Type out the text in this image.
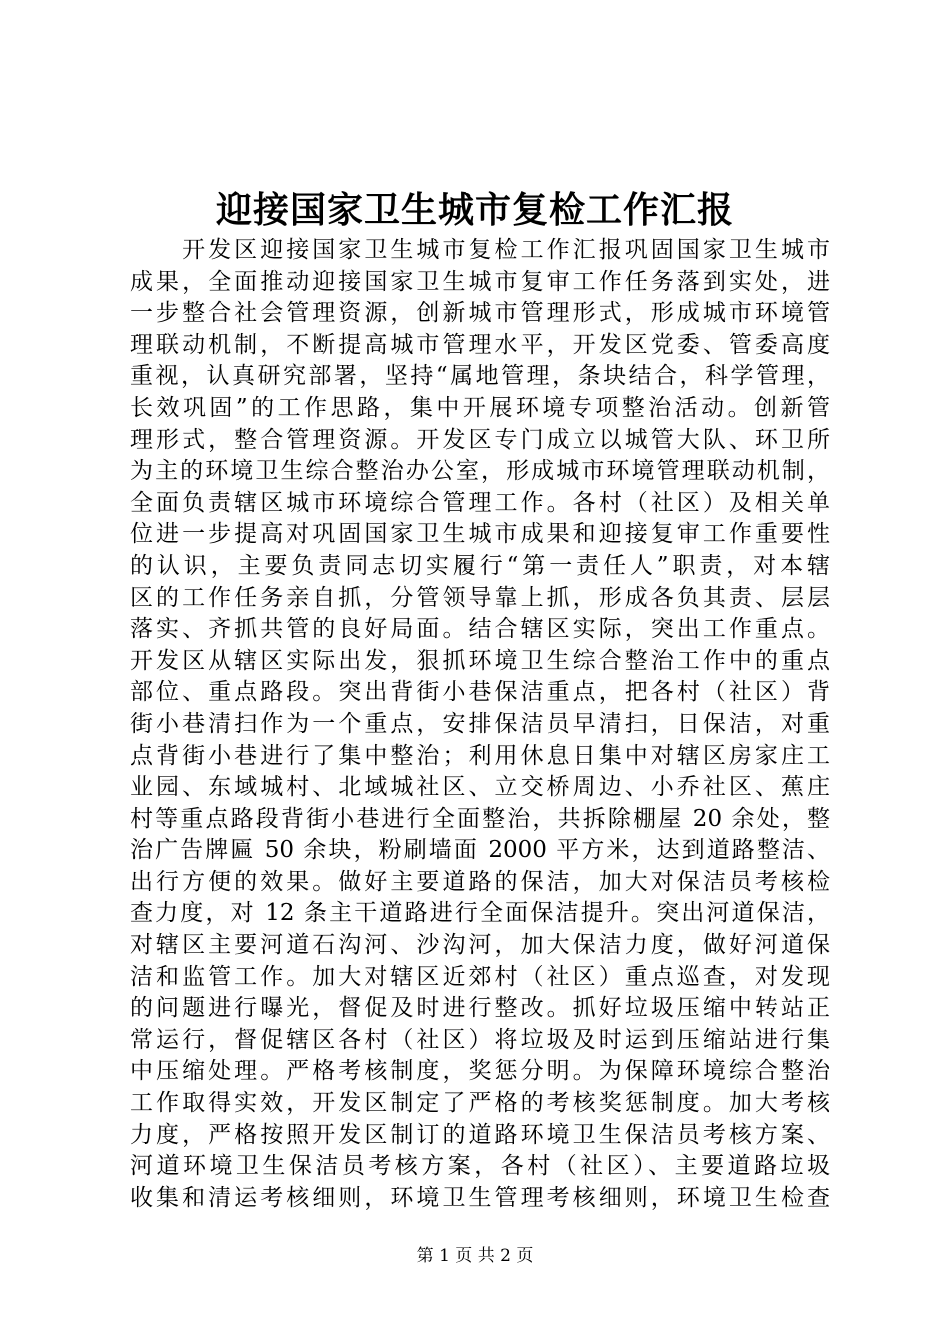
迎接国家卫生城市复检工作汇报
　　开发区迎接国家卫生城市复检工作汇报巩固国家卫生城市
成果，全面推动迎接国家卫生城市复审工作任务落到实处，进
一步整合社会管理资源，创新城市管理形式，形成城市环境管
理联动机制，不断提高城市管理水平，开发区党委、管委高度
重视，认真研究部署，坚持“属地管理，条块结合，科学管理，
长效巩固”的工作思路，集中开展环境专项整治活动。创新管
理形式，整合管理资源。开发区专门成立以城管大队、环卫所
为主的环境卫生综合整治办公室，形成城市环境管理联动机制，
全面负责辖区城市环境综合管理工作。各村（社区）及相关单
位进一步提高对巩固国家卫生城市成果和迎接复审工作重要性
的认识，主要负责同志切实履行“第一责任人”职责，对本辖
区的工作任务亲自抓，分管领导靠上抓，形成各负其责、层层
落实、齐抓共管的良好局面。结合辖区实际，突出工作重点。
开发区从辖区实际出发，狠抓环境卫生综合整治工作中的重点
部位、重点路段。突出背街小巷保洁重点，把各村（社区）背
街小巷清扫作为一个重点，安排保洁员早清扫，日保洁，对重
点背街小巷进行了集中整治；利用休息日集中对辖区房家庄工
业园、东域城村、北域城社区、立交桥周边、小乔社区、蕉庄
村等重点路段背街小巷进行全面整治，共拆除棚屋 20 余处，整
治广告牌匾 50 余块，粉刷墙面 2000 平方米，达到道路整洁、
出行方便的效果。做好主要道路的保洁，加大对保洁员考核检
查力度，对 12 条主干道路进行全面保洁提升。突出河道保洁，
对辖区主要河道石沟河、沙沟河，加大保洁力度，做好河道保
洁和监管工作。加大对辖区近郊村（社区）重点巡查，对发现
的问题进行曝光，督促及时进行整改。抓好垃圾压缩中转站正
常运行，督促辖区各村（社区）将垃圾及时运到压缩站进行集
中压缩处理。严格考核制度，奖惩分明。为保障环境综合整治
工作取得实效，开发区制定了严格的考核奖惩制度。加大考核
力度，严格按照开发区制订的道路环境卫生保洁员考核方案、
河道环境卫生保洁员考核方案，各村（社区）、主要道路垃圾
收集和清运考核细则，环境卫生管理考核细则，环境卫生检查
第 1 页 共 2 页
